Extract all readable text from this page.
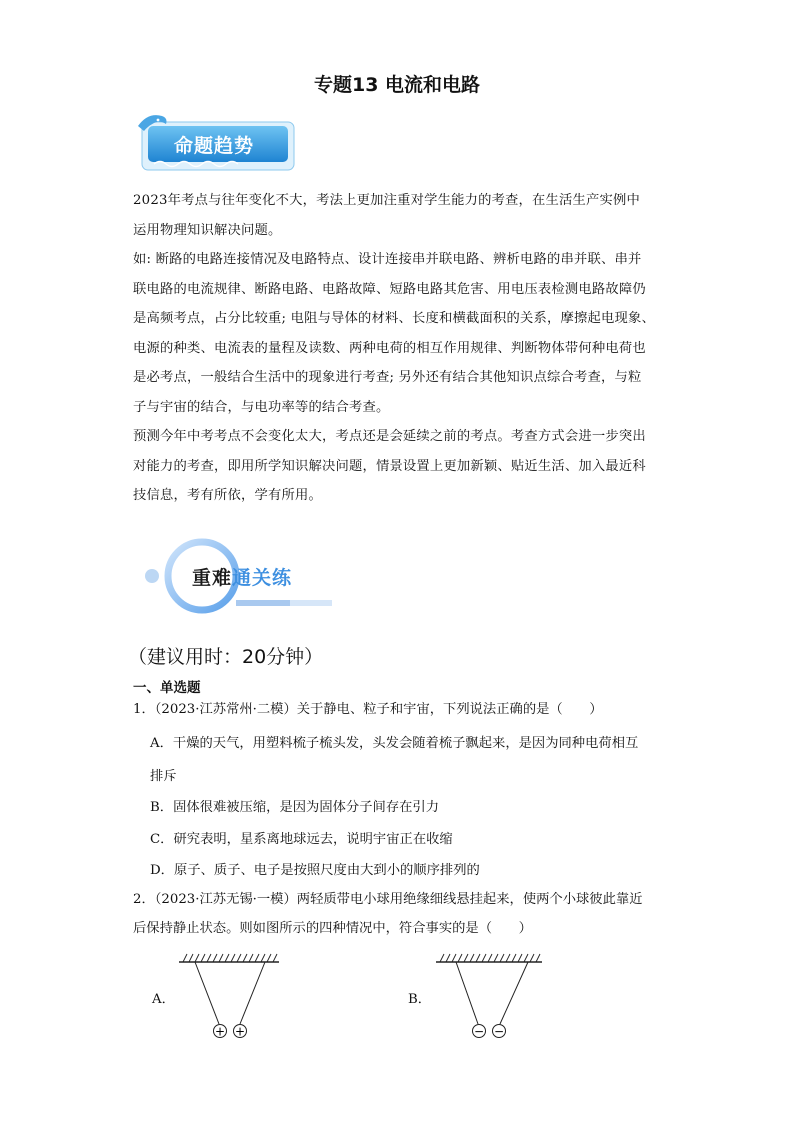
专题13 电流和电路
命题趋势
2023年考点与往年变化不大，考法上更加注重对学生能力的考查，在生活生产实例中
运用物理知识解决问题。
如: 断路的电路连接情况及电路特点、设计连接串并联电路、辨析电路的串并联、串并
联电路的电流规律、断路电路、电路故障、短路电路其危害、用电压表检测电路故障仍
是高频考点，占分比较重; 电阻与导体的材料、长度和横截面积的关系，摩擦起电现象、
电源的种类、电流表的量程及读数、两种电荷的相互作用规律、判断物体带何种电荷也
是必考点，一般结合生活中的现象进行考查; 另外还有结合其他知识点综合考查，与粒
子与宇宙的结合，与电功率等的结合考查。
预测今年中考考点不会变化太大，考点还是会延续之前的考点。考查方式会进一步突出
对能力的考查，即用所学知识解决问题，情景设置上更加新颖、贴近生活、加入最近科
技信息，考有所依，学有所用。
重难通关练
（建议用时：20分钟）
一、单选题
1．（2023·江苏常州·二模）关于静电、粒子和宇宙，下列说法正确的是（　　）
A．干燥的天气，用塑料梳子梳头发，头发会随着梳子飘起来，是因为同种电荷相互
排斥
B．固体很难被压缩，是因为固体分子间存在引力
C．研究表明，星系离地球远去，说明宇宙正在收缩
D．原子、质子、电子是按照尺度由大到小的顺序排列的
2．（2023·江苏无锡·一模）两轻质带电小球用绝缘细线悬挂起来，使两个小球彼此靠近
后保持静止状态。则如图所示的四种情况中，符合事实的是（　　）
A．	B．
+ +	− −
